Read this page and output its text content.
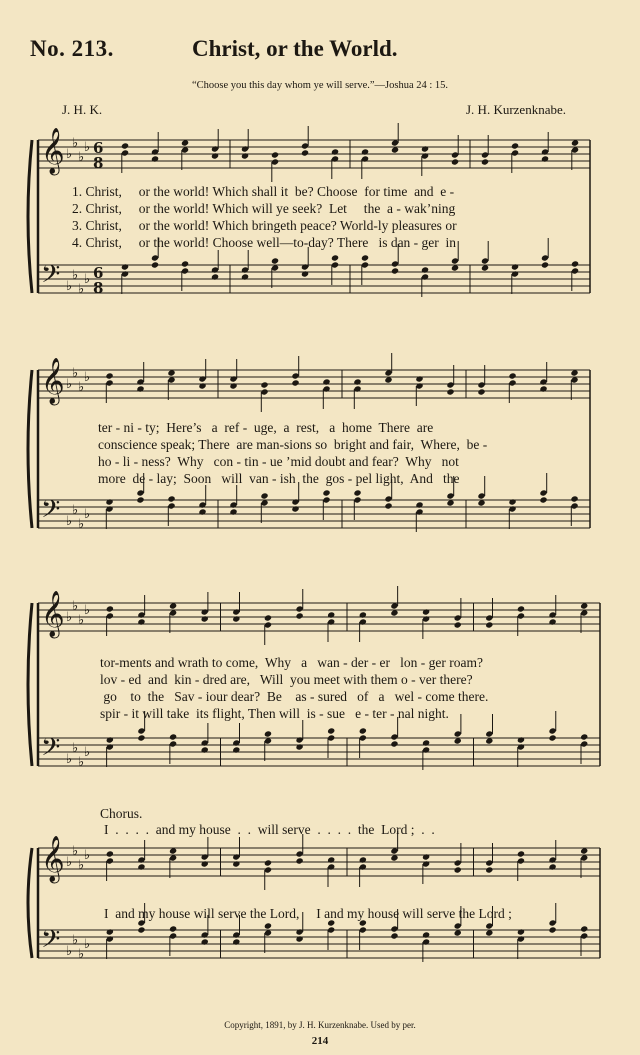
No. 213.	Christ, or the World.
“Choose you this day whom ye will serve.”—Joshua 24 : 15.
J. H. K.	J. H. Kurzenknabe.
𝄞
𝄢
♭
♭
♭
♭
♭
♭
♭
♭
6
8
6
8
𝄞
𝄢
♭
♭
♭
♭
♭
♭
♭
♭
𝄞
𝄢
♭
♭
♭
♭
♭
♭
♭
♭
𝄞
𝄢
♭
♭
♭
♭
♭
♭
♭
♭
1. Christ,     or the world! Which shall it  be? Choose  for time  and  e -
2. Christ,     or the world! Which will ye seek?  Let     the  a - wak’ning
3. Christ,     or the world! Which bringeth peace? World-ly pleasures or
4. Christ,     or the world! Choose well—to-day? There   is dan - ger  in
ter - ni - ty;  Here’s   a  ref -  uge,  a  rest,   a  home  There  are
conscience speak; There  are man-sions so  bright and fair,  Where,  be -
ho - li - ness?  Why   con - tin - ue ’mid doubt and fear?  Why   not
more  de - lay;  Soon   will  van - ish  the  gos - pel light,  And   the
tor-ments and wrath to come,  Why   a   wan - der - er   lon - ger roam?
lov - ed  and  kin - dred are,   Will  you meet with them o - ver there?
go    to  the   Sav - iour dear?  Be    as - sured   of   a   wel - come there.
spir - it will take  its flight, Then will  is - sue   e - ter - nal night.
Chorus.
I  .  .  .  .  and my house  .  .  will serve  .  .  .  .  the  Lord ;  .  .
I  and my house will serve the Lord,     I and my house will serve the Lord ;
Copyright, 1891, by J. H. Kurzenknabe. Used by per.
214
